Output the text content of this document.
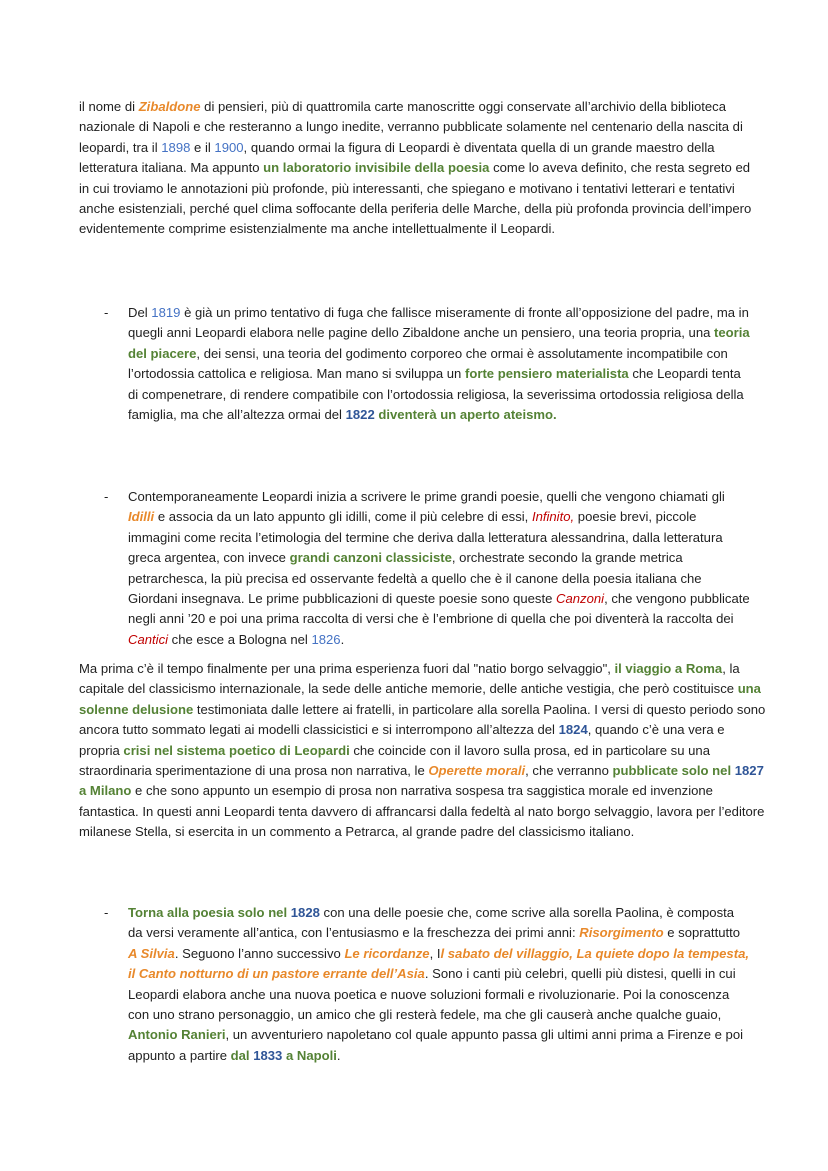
il nome di Zibaldone di pensieri, più di quattromila carte manoscritte oggi conservate all’archivio della biblioteca nazionale di Napoli e che resteranno a lungo inedite, verranno pubblicate solamente nel centenario della nascita di leopardi, tra il 1898 e il 1900, quando ormai la figura di Leopardi è diventata quella di un grande maestro della letteratura italiana. Ma appunto un laboratorio invisibile della poesia come lo aveva definito, che resta segreto ed in cui troviamo le annotazioni più profonde, più interessanti, che spiegano e motivano i tentativi letterari e tentativi anche esistenziali, perché quel clima soffocante della periferia delle Marche, della più profonda provincia dell’impero evidentemente comprime esistenzialmente ma anche intellettualmente il Leopardi.

-	Del 1819 è già un primo tentativo di fuga che fallisce miseramente di fronte all’opposizione del padre, ma in quegli anni Leopardi elabora nelle pagine dello Zibaldone anche un pensiero, una teoria propria, una teoria del piacere, dei sensi, una teoria del godimento corporeo che ormai è assolutamente incompatibile con l’ortodossia cattolica e religiosa. Man mano si sviluppa un forte pensiero materialista che Leopardi tenta di compenetrare, di rendere compatibile con l’ortodossia religiosa, la severissima ortodossia religiosa della famiglia, ma che all’altezza ormai del 1822 diventerà un aperto ateismo.
-	Contemporaneamente Leopardi inizia a scrivere le prime grandi poesie, quelli che vengono chiamati gli Idilli e associa da un lato appunto gli idilli, come il più celebre di essi, Infinito, poesie brevi, piccole immagini come recita l’etimologia del termine che deriva dalla letteratura alessandrina, dalla letteratura greca argentea, con invece grandi canzoni classiciste, orchestrate secondo la grande metrica petrarchesca, la più precisa ed osservante fedeltà a quello che è il canone della poesia italiana che Giordani insegnava. Le prime pubblicazioni di queste poesie sono queste Canzoni, che vengono pubblicate negli anni ’20 e poi una prima raccolta di versi che è l’embrione di quella che poi diventerà la raccolta dei Cantici che esce a Bologna nel 1826.

Ma prima c’è il tempo finalmente per una prima esperienza fuori dal "natio borgo selvaggio", il viaggio a Roma, la capitale del classicismo internazionale, la sede delle antiche memorie, delle antiche vestigia, che però costituisce una solenne delusione testimoniata dalle lettere ai fratelli, in particolare alla sorella Paolina. I versi di questo periodo sono ancora tutto sommato legati ai modelli classicistici e si interrompono all’altezza del 1824, quando c’è una vera e propria crisi nel sistema poetico di Leopardi che coincide con il lavoro sulla prosa, ed in particolare su una straordinaria sperimentazione di una prosa non narrativa, le Operette morali, che verranno pubblicate solo nel 1827 a Milano e che sono appunto un esempio di prosa non narrativa sospesa tra saggistica morale ed invenzione fantastica. In questi anni Leopardi tenta davvero di affrancarsi dalla fedeltà al nato borgo selvaggio, lavora per l’editore milanese Stella, si esercita in un commento a Petrarca, al grande padre del classicismo italiano.

-	Torna alla poesia solo nel 1828 con una delle poesie che, come scrive alla sorella Paolina, è composta da versi veramente all’antica, con l’entusiasmo e la freschezza dei primi anni: Risorgimento e soprattutto A Silvia. Seguono l’anno successivo Le ricordanze, Il sabato del villaggio, La quiete dopo la tempesta, il Canto notturno di un pastore errante dell’Asia. Sono i canti più celebri, quelli più distesi, quelli in cui Leopardi elabora anche una nuova poetica e nuove soluzioni formali e rivoluzionarie. Poi la conoscenza con uno strano personaggio, un amico che gli resterà fedele, ma che gli causerà anche qualche guaio, Antonio Ranieri, un avventuriero napoletano col quale appunto passa gli ultimi anni prima a Firenze e poi appunto a partire dal 1833 a Napoli.
